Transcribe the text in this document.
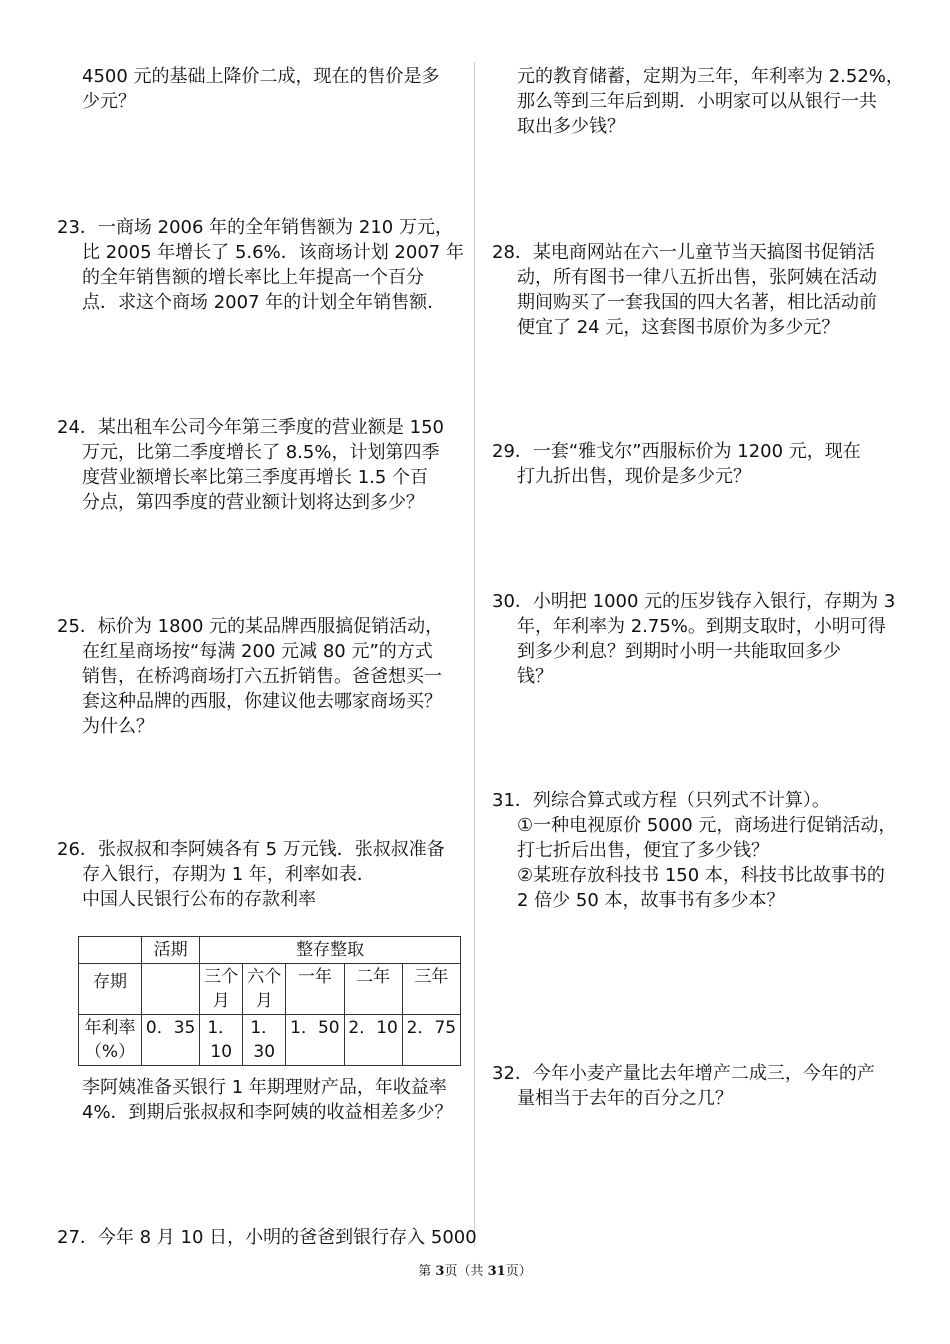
4500 元的基础上降价二成，现在的售价是多
少元？
23．一商场 2006 年的全年销售额为 210 万元，
比 2005 年增长了 5.6%．该商场计划 2007 年
的全年销售额的增长率比上年提高一个百分
点．求这个商场 2007 年的计划全年销售额．
24．某出租车公司今年第三季度的营业额是 150
万元，比第二季度增长了 8.5%，计划第四季
度营业额增长率比第三季度再增长 1.5 个百
分点，第四季度的营业额计划将达到多少？
25．标价为 1800 元的某品牌西服搞促销活动，
在红星商场按“每满 200 元减 80 元”的方式
销售，在桥鸿商场打六五折销售。爸爸想买一
套这种品牌的西服，你建议他去哪家商场买？
为什么？
26．张叔叔和李阿姨各有 5 万元钱．张叔叔准备
存入银行，存期为 1 年，利率如表．
中国人民银行公布的存款利率
	活期	整存整取				
存期		三个月	六个月	一年	二年	三年
年利率（%）	0．35	1．10	1．30	1．50	2．10	2．75
李阿姨准备买银行 1 年期理财产品，年收益率
4%．到期后张叔叔和李阿姨的收益相差多少？
27．今年 8 月 10 日，小明的爸爸到银行存入 5000
元的教育储蓄，定期为三年，年利率为 2.52%，
那么等到三年后到期．小明家可以从银行一共
取出多少钱？
28．某电商网站在六一儿童节当天搞图书促销活
动，所有图书一律八五折出售，张阿姨在活动
期间购买了一套我国的四大名著，相比活动前
便宜了 24 元，这套图书原价为多少元？
29．一套“雅戈尔”西服标价为 1200 元，现在
打九折出售，现价是多少元？
30．小明把 1000 元的压岁钱存入银行，存期为 3
年，年利率为 2.75%。到期支取时，小明可得
到多少利息？到期时小明一共能取回多少
钱？
31．列综合算式或方程（只列式不计算）。
①一种电视原价 5000 元，商场进行促销活动，
打七折后出售，便宜了多少钱？
②某班存放科技书 150 本，科技书比故事书的
2 倍少 50 本，故事书有多少本？
32．今年小麦产量比去年增产二成三，今年的产
量相当于去年的百分之几？
第 3页（共 31页）
